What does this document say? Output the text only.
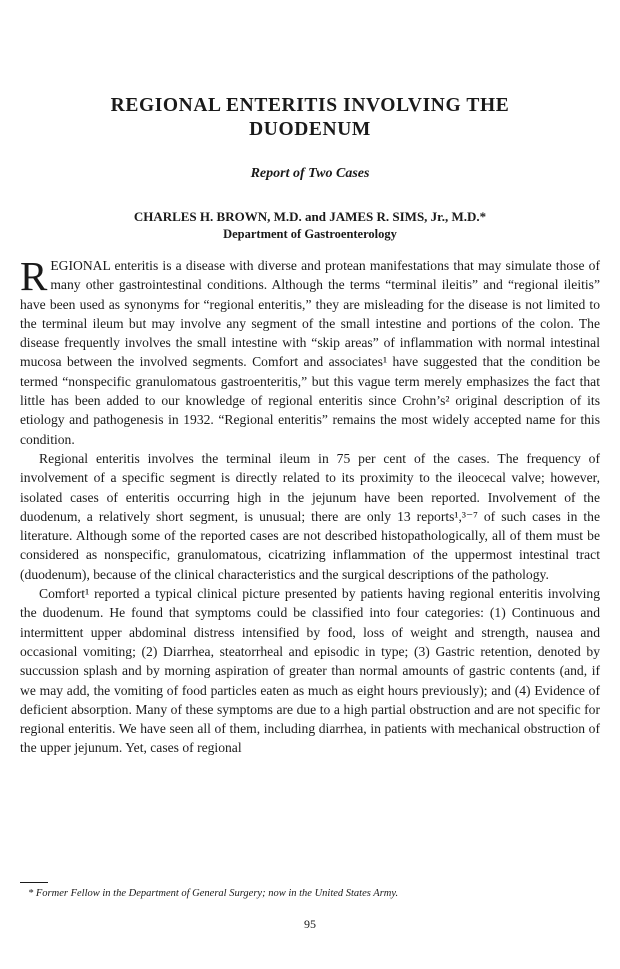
REGIONAL ENTERITIS INVOLVING THE
DUODENUM

Report of Two Cases

CHARLES H. BROWN, M.D. and JAMES R. SIMS, Jr., M.D.*

Department of Gastroenterology

REGIONAL enteritis is a disease with diverse and protean manifestations that may simulate those of many other gastrointestinal conditions. Although the terms “terminal ileitis” and “regional ileitis” have been used as synonyms for “regional enteritis,” they are misleading for the disease is not limited to the terminal ileum but may involve any segment of the small intestine and portions of the colon. The disease frequently involves the small intestine with “skip areas” of inflammation with normal intestinal mucosa between the involved segments. Comfort and associates¹ have suggested that the condition be termed “nonspecific granulomatous gastroenteritis,” but this vague term merely emphasizes the fact that little has been added to our knowledge of regional enteritis since Crohn’s² original description of its etiology and pathogenesis in 1932. “Regional enteritis” remains the most widely accepted name for this condition.

Regional enteritis involves the terminal ileum in 75 per cent of the cases. The frequency of involvement of a specific segment is directly related to its proximity to the ileocecal valve; however, isolated cases of enteritis occurring high in the jejunum have been reported. Involvement of the duodenum, a relatively short segment, is unusual; there are only 13 reports¹,³⁻⁷ of such cases in the literature. Although some of the reported cases are not described histopathologically, all of them must be considered as nonspecific, granulomatous, cicatrizing inflammation of the uppermost intestinal tract (duodenum), because of the clinical characteristics and the surgical descriptions of the pathology.

Comfort¹ reported a typical clinical picture presented by patients having regional enteritis involving the duodenum. He found that symptoms could be classified into four categories: (1) Continuous and intermittent upper abdominal distress intensified by food, loss of weight and strength, nausea and occasional vomiting; (2) Diarrhea, steatorrheal and episodic in type; (3) Gastric retention, denoted by succussion splash and by morning aspiration of greater than normal amounts of gastric contents (and, if we may add, the vomiting of food particles eaten as much as eight hours previously); and (4) Evidence of deficient absorption. Many of these symptoms are due to a high partial obstruction and are not specific for regional enteritis. We have seen all of them, including diarrhea, in patients with mechanical obstruction of the upper jejunum. Yet, cases of regional

* Former Fellow in the Department of General Surgery; now in the United States Army.

95
